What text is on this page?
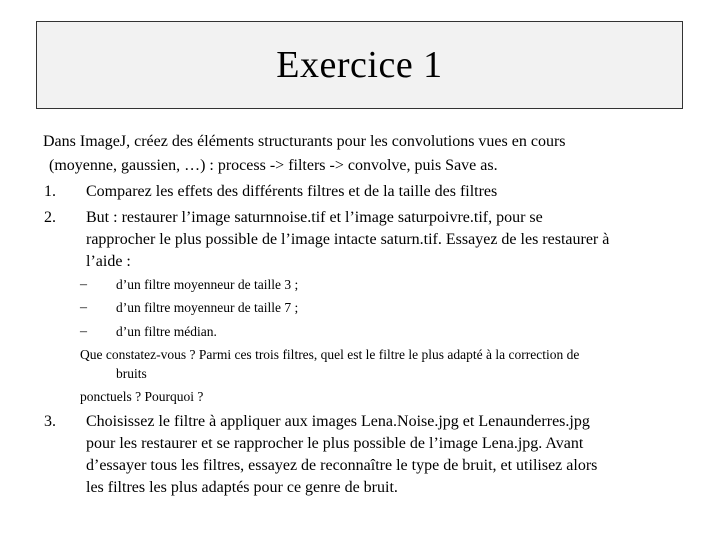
Exercice 1
Dans ImageJ, créez des éléments structurants pour les convolutions vues en cours
(moyenne, gaussien, …) : process -> filters -> convolve, puis Save as.
1. Comparez les effets des différents filtres et de la taille des filtres
2. But : restaurer l’image saturnnoise.tif et l’image saturpoivre.tif, pour se
rapprocher le plus possible de l’image intacte saturn.tif. Essayez de les restaurer à
l’aide :
– d’un filtre moyenneur de taille 3 ;
– d’un filtre moyenneur de taille 7 ;
– d’un filtre médian.
Que constatez-vous ? Parmi ces trois filtres, quel est le filtre le plus adapté à la correction de
bruits
ponctuels ? Pourquoi ?
3. Choisissez le filtre à appliquer aux images Lena.Noise.jpg et Lenaunderres.jpg
pour les restaurer et se rapprocher le plus possible de l’image Lena.jpg. Avant
d’essayer tous les filtres, essayez de reconnaître le type de bruit, et utilisez alors
les filtres les plus adaptés pour ce genre de bruit.
